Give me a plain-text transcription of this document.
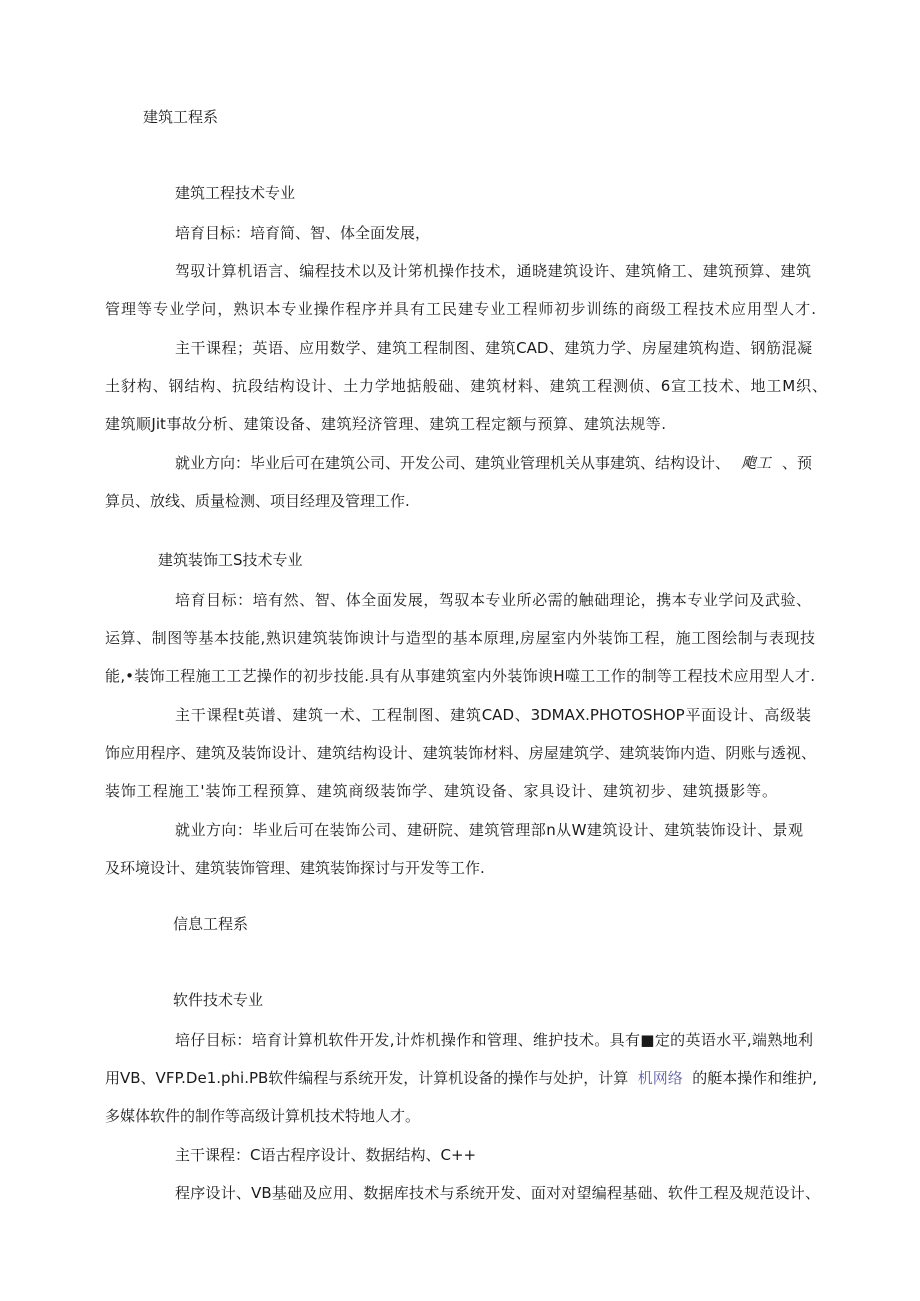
建筑工程系
建筑工程技术专业
培育目标：培育简、智、体全面发展，
驾驭计算机语言、编程技术以及计笫机操作技术，通晓建筑设许、建筑脩工、建筑预算、建筑
管理等专业学问，熟识本专业操作程序并具有工民建专业工程师初步训练的商级工程技术应用型人才.
主干课程；英语、应用数学、建筑工程制图、建筑CAD、建筑力学、房屋建筑构造、钢筋混凝
土豺构、钢结构、抗段结构设计、土力学地掂般础、建筑材料、建筑工程测侦、6宣工技术、地工M织、
建筑顺Jit事故分析、建策设备、建筑羟济管理、建筑工程定额与预算、建筑法规等.
就业方向：毕业后可在建筑公司、开发公司、建筑业管理机关从事建筑、结构设计、 飑工 、预
算员、放线、质量检测、项目经理及管理工作.
建筑装饰工S技术专业
培育目标：培有然、智、体全面发展，驾驭本专业所必需的触础理论，携本专业学问及武验、
运算、制图等基本技能,熟识建筑装饰谀计与造型的基本原理,房屋室内外装饰工程，施工图绘制与表现技
能,•装饰工程施工工艺操作的初步技能.具有从事建筑室内外装饰谀H噬工工作的制等工程技术应用型人才.
主干课程t英谱、建筑一术、工程制图、建筑CAD、3DMAX.PHOTOSHOP平面设计、高级装
饰应用程序、建筑及装饰设计、建筑结构设计、建筑装饰材料、房屋建筑学、建筑装饰内造、阴账与透视、
装饰工程施工'装饰工程预算、建筑商级装饰学、建筑设备、家具设计、建筑初步、建筑摄影等。
就业方向：毕业后可在装饰公司、建研院、建筑管理部n从W建筑设计、建筑装饰设计、景观
及环境设计、建筑装饰管理、建筑装饰探讨与开发等工作.
信息工程系
软件技术专业
培仔目标：培育计算机软件开发,计炸机操作和管理、维护技术。具有■定的英语水平,端熟地利
用VB、VFP.De1.phi.PB软件编程与系统开发，计算机设备的操作与处护，计算 机网络 的艇本操作和维护,
多媒体软件的制作等高级计算机技术特地人才。
主干课程：C语古程序设计、数据结构、C++
程序设计、VB基础及应用、数据库技术与系统开发、面对对望编程基础、软件工程及规范设计、
